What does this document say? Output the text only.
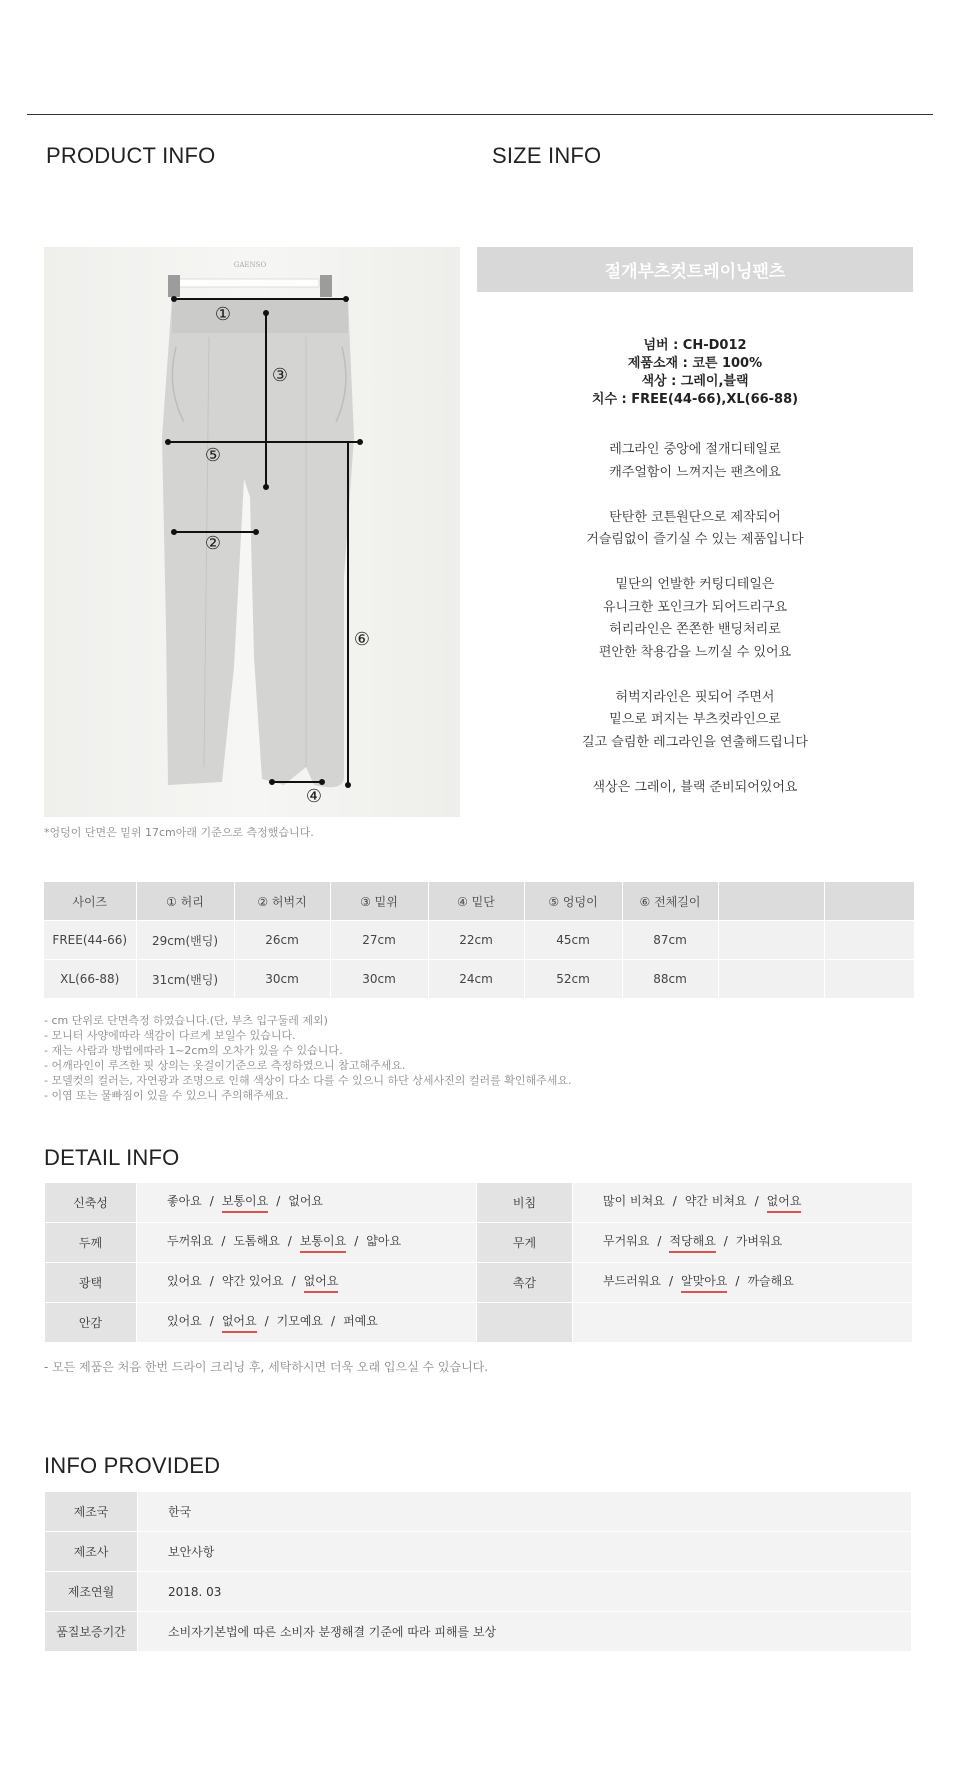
PRODUCT INFO	SIZE INFO
GAENSO
①
②
③
④
⑤
⑥
*엉덩이 단면은 밑위 17cm아래 기준으로 측정했습니다.
절개부츠컷트레이닝팬츠
넘버 : CH-D012
제품소재 : 코튼 100%
색상 : 그레이,블랙
치수 : FREE(44-66),XL(66-88)
레그라인 중앙에 절개디테일로
캐주얼함이 느껴지는 팬츠에요
탄탄한 코튼원단으로 제작되어
거슬림없이 즐기실 수 있는 제품입니다
밑단의 언발한 커팅디테일은
유니크한 포인크가 되어드리구요
허리라인은 쫀쫀한 밴딩처리로
편안한 착용감을 느끼실 수 있어요
허벅지라인은 핏되어 주면서
밑으로 퍼지는 부츠컷라인으로
길고 슬림한 레그라인을 연출해드립니다
색상은 그레이, 블랙 준비되어있어요
사이즈	① 허리	② 허벅지	③ 밑위	④ 밑단	⑤ 엉덩이	⑥ 전체길이		
FREE(44-66)	29cm(밴딩)	26cm	27cm	22cm	45cm	87cm		
XL(66-88)	31cm(밴딩)	30cm	30cm	24cm	52cm	88cm		
- cm 단위로 단면측정 하였습니다.(단, 부츠 입구둘레 제외)
- 모니터 사양에따라 색감이 다르게 보일수 있습니다.
- 재는 사람과 방법에따라 1~2cm의 오차가 있을 수 있습니다.
- 어깨라인이 루즈한 핏 상의는 옷걸이기준으로 측정하였으니 참고해주세요.
- 모델컷의 컬러는, 자연광과 조명으로 인해 색상이 다소 다를 수 있으니 하단 상세사진의 컬러를 확인해주세요.
- 이염 또는 물빠짐이 있을 수 있으니 주의해주세요.
DETAIL INFO
신축성	좋아요 / 보통이요 / 없어요	비침	많이 비쳐요 / 약간 비쳐요 / 없어요
두께	두꺼워요 / 도톰해요 / 보통이요 / 얇아요	무게	무거워요 / 적당해요 / 가벼워요
광택	있어요 / 약간 있어요 / 없어요	촉감	부드러워요 / 알맞아요 / 까슬해요
안감	있어요 / 없어요 / 기모예요 / 퍼예요		
- 모든 제품은 처음 한번 드라이 크리닝 후, 세탁하시면 더욱 오래 입으실 수 있습니다.
INFO PROVIDED
제조국	한국
제조사	보안사항
제조연월	2018. 03
품질보증기간	소비자기본법에 따른 소비자 분쟁해결 기준에 따라 피해를 보상
